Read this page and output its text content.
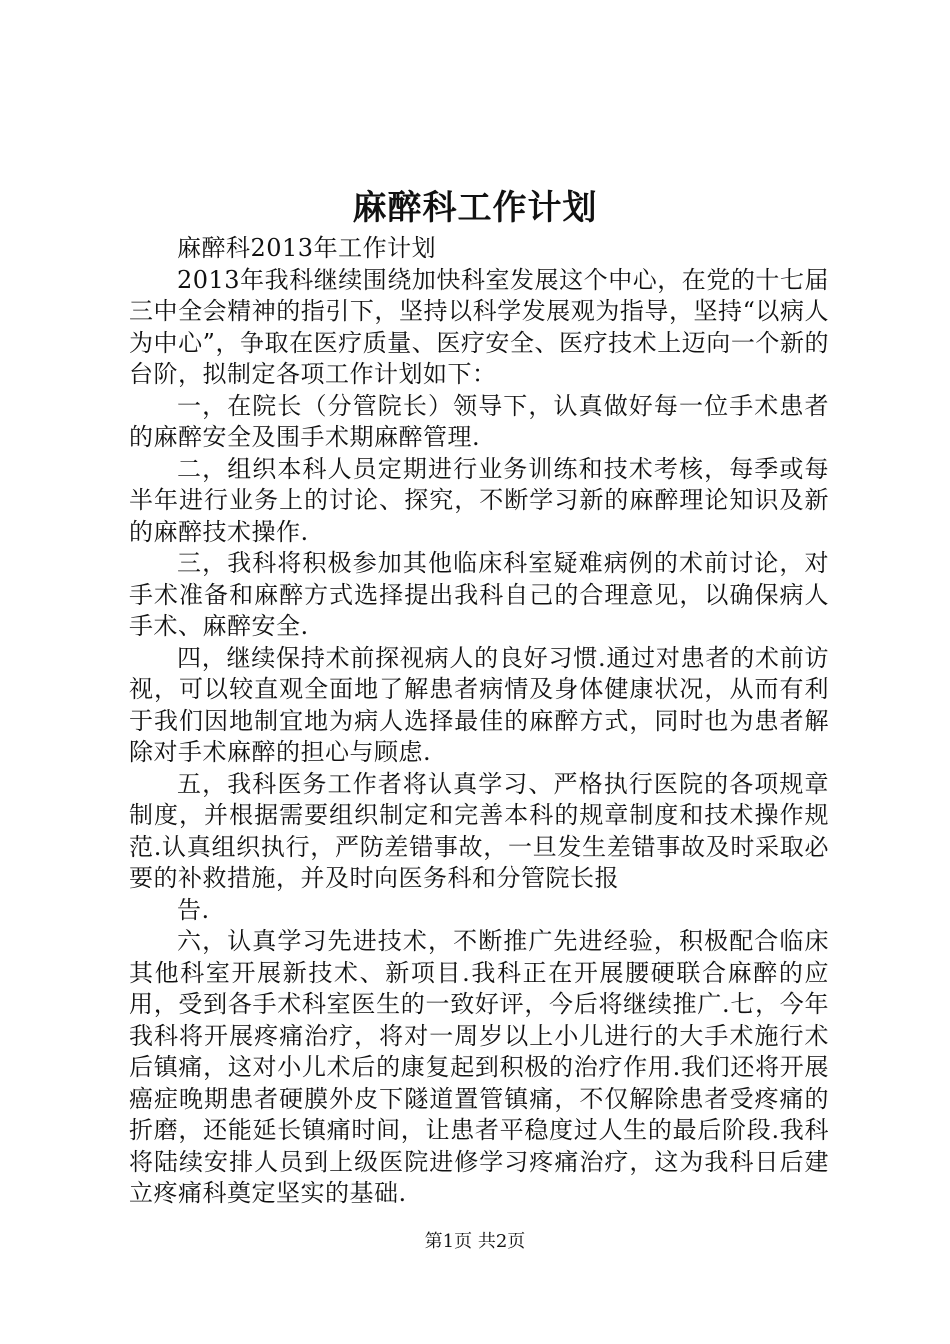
麻醉科工作计划

麻醉科2013年工作计划

2013年我科继续围绕加快科室发展这个中心，在党的十七届三中全会精神的指引下，坚持以科学发展观为指导，坚持“以病人为中心”，争取在医疗质量、医疗安全、医疗技术上迈向一个新的台阶，拟制定各项工作计划如下：

一，在院长（分管院长）领导下，认真做好每一位手术患者的麻醉安全及围手术期麻醉管理.

二，组织本科人员定期进行业务训练和技术考核，每季或每半年进行业务上的讨论、探究，不断学习新的麻醉理论知识及新的麻醉技术操作.

三，我科将积极参加其他临床科室疑难病例的术前讨论，对手术准备和麻醉方式选择提出我科自己的合理意见，以确保病人手术、麻醉安全.

四，继续保持术前探视病人的良好习惯.通过对患者的术前访视，可以较直观全面地了解患者病情及身体健康状况，从而有利于我们因地制宜地为病人选择最佳的麻醉方式，同时也为患者解除对手术麻醉的担心与顾虑.

五，我科医务工作者将认真学习、严格执行医院的各项规章制度，并根据需要组织制定和完善本科的规章制度和技术操作规范.认真组织执行，严防差错事故，一旦发生差错事故及时采取必要的补救措施，并及时向医务科和分管院长报

告.

六，认真学习先进技术，不断推广先进经验，积极配合临床其他科室开展新技术、新项目.我科正在开展腰硬联合麻醉的应用，受到各手术科室医生的一致好评，今后将继续推广.七，今年我科将开展疼痛治疗，将对一周岁以上小儿进行的大手术施行术后镇痛，这对小儿术后的康复起到积极的治疗作用.我们还将开展癌症晚期患者硬膜外皮下隧道置管镇痛，不仅解除患者受疼痛的折磨，还能延长镇痛时间，让患者平稳度过人生的最后阶段.我科将陆续安排人员到上级医院进修学习疼痛治疗，这为我科日后建立疼痛科奠定坚实的基础.

第1页 共2页
